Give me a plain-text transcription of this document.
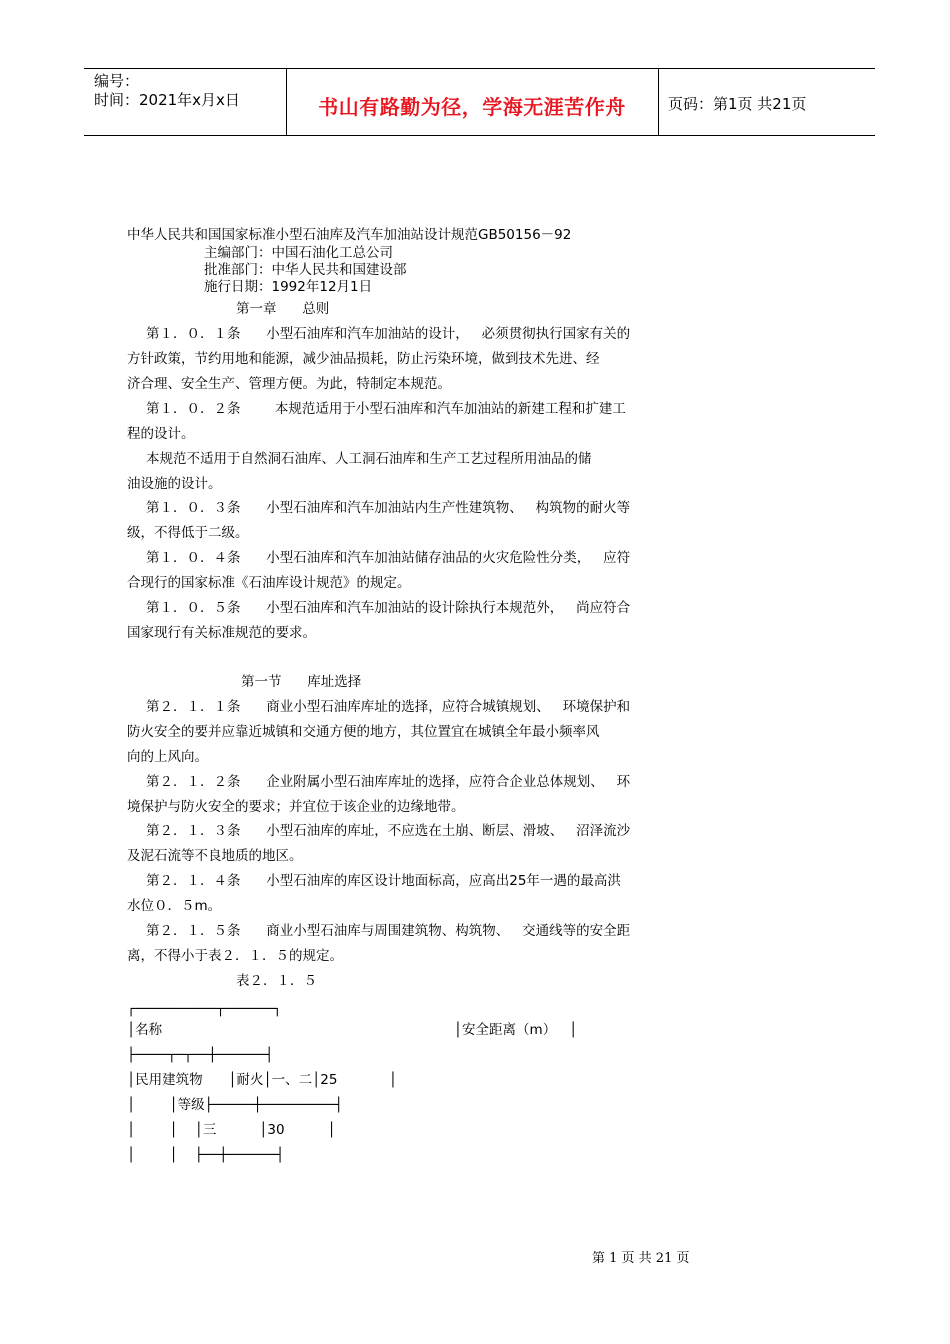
编号：
时间：2021年x月x日	书山有路勤为径，学海无涯苦作舟	页码：第1页 共21页
中华人民共和国国家标准小型石油库及汽车加油站设计规范GB50156－92
主编部门：中国石油化工总公司
批准部门：中华人民共和国建设部
施行日期：1992年12月1日
第一章      总则
第１．０．１条      小型石油库和汽车加油站的设计，   必须贯彻执行国家有关的
方针政策，节约用地和能源，减少油品损耗，防止污染环境，做到技术先进、经
济合理、安全生产、管理方便。为此，特制定本规范。
第１．０．２条        本规范适用于小型石油库和汽车加油站的新建工程和扩建工
程的设计。
本规范不适用于自然洞石油库、人工洞石油库和生产工艺过程所用油品的储
油设施的设计。
第１．０．３条      小型石油库和汽车加油站内生产性建筑物、   构筑物的耐火等
级，不得低于二级。
第１．０．４条      小型石油库和汽车加油站储存油品的火灾危险性分类，   应符
合现行的国家标准《石油库设计规范》的规定。
第１．０．５条      小型石油库和汽车加油站的设计除执行本规范外，   尚应符合
国家现行有关标准规范的要求。
第一节      库址选择
第２．１．１条      商业小型石油库库址的选择，应符合城镇规划、   环境保护和
防火安全的要并应靠近城镇和交通方便的地方，其位置宜在城镇全年最小频率风
向的上风向。
第２．１．２条      企业附属小型石油库库址的选择，应符合企业总体规划、   环
境保护与防火安全的要求；并宜位于该企业的边缘地带。
第２．１．３条      小型石油库的库址，不应选在土崩、断层、滑坡、   沼泽流沙
及泥石流等不良地质的地区。
第２．１．４条      小型石油库的库区设计地面标高，应高出25年一遇的最高洪
水位０．５m。
第２．１．５条      商业小型石油库与周围建筑物、构筑物、   交通线等的安全距
离，不得小于表２．１．５的规定。
表２．１．５
┌──────────┬──────┐
│名称                                                                    │安全距离（m）   │
├────┬─┬──┼──────┤
│民用建筑物      │耐火│一、二│25            │
│        │等级├─────┼─────────┤
│        │    │三          │30          │
│        │    ├──┼──────┤
第 1 页 共 21 页
